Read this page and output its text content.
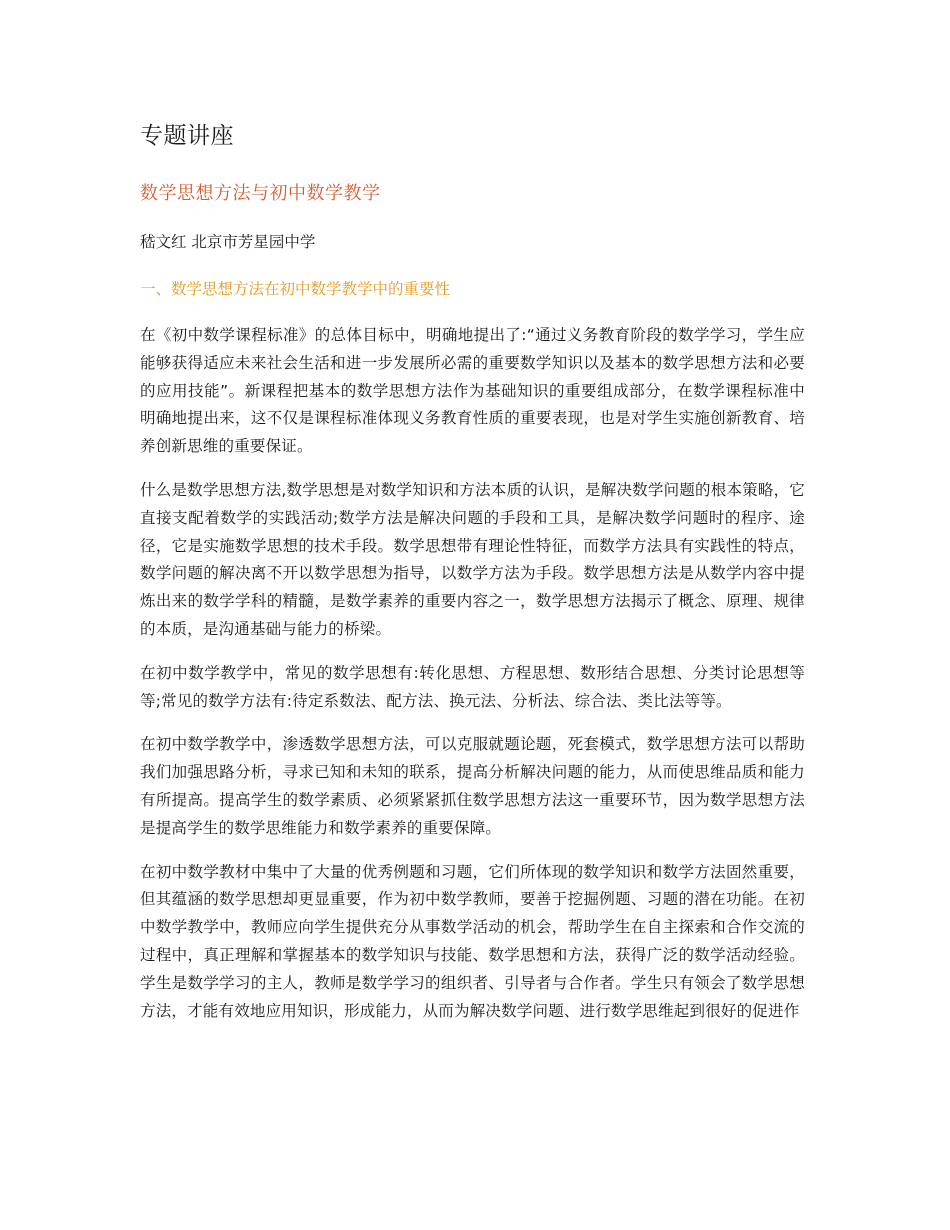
专题讲座
数学思想方法与初中数学教学
嵇文红 北京市芳星园中学
一、数学思想方法在初中数学教学中的重要性

在《初中数学课程标准》的总体目标中，明确地提出了:“通过义务教育阶段的数学学习，学生应能够获得适应未来社会生活和进一步发展所必需的重要数学知识以及基本的数学思想方法和必要的应用技能”。新课程把基本的数学思想方法作为基础知识的重要组成部分，在数学课程标准中明确地提出来，这不仅是课程标准体现义务教育性质的重要表现，也是对学生实施创新教育、培养创新思维的重要保证。

什么是数学思想方法,数学思想是对数学知识和方法本质的认识，是解决数学问题的根本策略，它直接支配着数学的实践活动;数学方法是解决问题的手段和工具，是解决数学问题时的程序、途径，它是实施数学思想的技术手段。数学思想带有理论性特征，而数学方法具有实践性的特点，数学问题的解决离不开以数学思想为指导，以数学方法为手段。数学思想方法是从数学内容中提炼出来的数学学科的精髓，是数学素养的重要内容之一，数学思想方法揭示了概念、原理、规律的本质，是沟通基础与能力的桥梁。

在初中数学教学中，常见的数学思想有:转化思想、方程思想、数形结合思想、分类讨论思想等等;常见的数学方法有:待定系数法、配方法、换元法、分析法、综合法、类比法等等。

在初中数学教学中，渗透数学思想方法，可以克服就题论题，死套模式，数学思想方法可以帮助我们加强思路分析，寻求已知和未知的联系，提高分析解决问题的能力，从而使思维品质和能力有所提高。提高学生的数学素质、必须紧紧抓住数学思想方法这一重要环节，因为数学思想方法是提高学生的数学思维能力和数学素养的重要保障。

在初中数学教材中集中了大量的优秀例题和习题，它们所体现的数学知识和数学方法固然重要，但其蕴涵的数学思想却更显重要，作为初中数学教师，要善于挖掘例题、习题的潜在功能。在初中数学教学中，教师应向学生提供充分从事数学活动的机会，帮助学生在自主探索和合作交流的过程中，真正理解和掌握基本的数学知识与技能、数学思想和方法，获得广泛的数学活动经验。学生是数学学习的主人，教师是数学学习的组织者、引导者与合作者。学生只有领会了数学思想方法，才能有效地应用知识，形成能力，从而为解决数学问题、进行数学思维起到很好的促进作
